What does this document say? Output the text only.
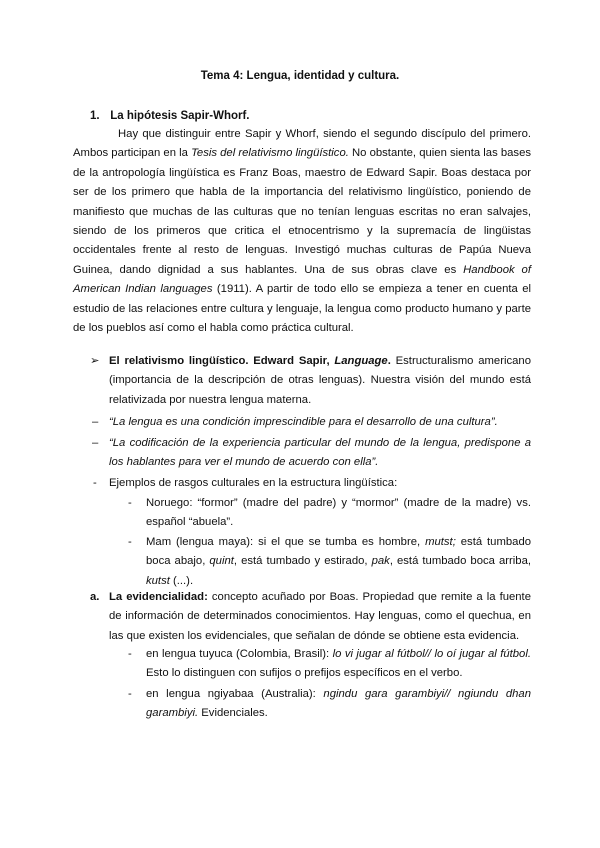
Tema 4: Lengua, identidad y cultura.
1. La hipótesis Sapir-Whorf.

Hay que distinguir entre Sapir y Whorf, siendo el segundo discípulo del primero. Ambos participan en la Tesis del relativismo lingüístico. No obstante, quien sienta las bases de la antropología lingüística es Franz Boas, maestro de Edward Sapir. Boas destaca por ser de los primero que habla de la importancia del relativismo lingüístico, poniendo de manifiesto que muchas de las culturas que no tenían lenguas escritas no eran salvajes, siendo de los primeros que critica el etnocentrismo y la supremacía de lingüistas occidentales frente al resto de lenguas. Investigó muchas culturas de Papúa Nueva Guinea, dando dignidad a sus hablantes. Una de sus obras clave es Handbook of American Indian languages (1911). A partir de todo ello se empieza a tener en cuenta el estudio de las relaciones entre cultura y lenguaje, la lengua como producto humano y parte de los pueblos así como el habla como práctica cultural.

➢ El relativismo lingüístico. Edward Sapir, Language. Estructuralismo americano (importancia de la descripción de otras lenguas). Nuestra visión del mundo está relativizada por nuestra lengua materna.
– “La lengua es una condición imprescindible para el desarrollo de una cultura”.
– “La codificación de la experiencia particular del mundo de la lengua, predispone a los hablantes para ver el mundo de acuerdo con ella”.
- Ejemplos de rasgos culturales en la estructura lingüística:
- Noruego: “formor” (madre del padre) y “mormor” (madre de la madre) vs. español “abuela”.
- Mam (lengua maya): si el que se tumba es hombre, mutst; está tumbado boca abajo, quint, está tumbado y estirado, pak, está tumbado boca arriba, kutst (...).
a. La evidencialidad: concepto acuñado por Boas. Propiedad que remite a la fuente de información de determinados conocimientos. Hay lenguas, como el quechua, en las que existen los evidenciales, que señalan de dónde se obtiene esta evidencia.
- en lengua tuyuca (Colombia, Brasil): lo vi jugar al fútbol// lo oí jugar al fútbol. Esto lo distinguen con sufijos o prefijos específicos en el verbo.
- en lengua ngiyabaa (Australia): ngindu gara garambiyi// ngiundu dhan garambiyi. Evidenciales.
